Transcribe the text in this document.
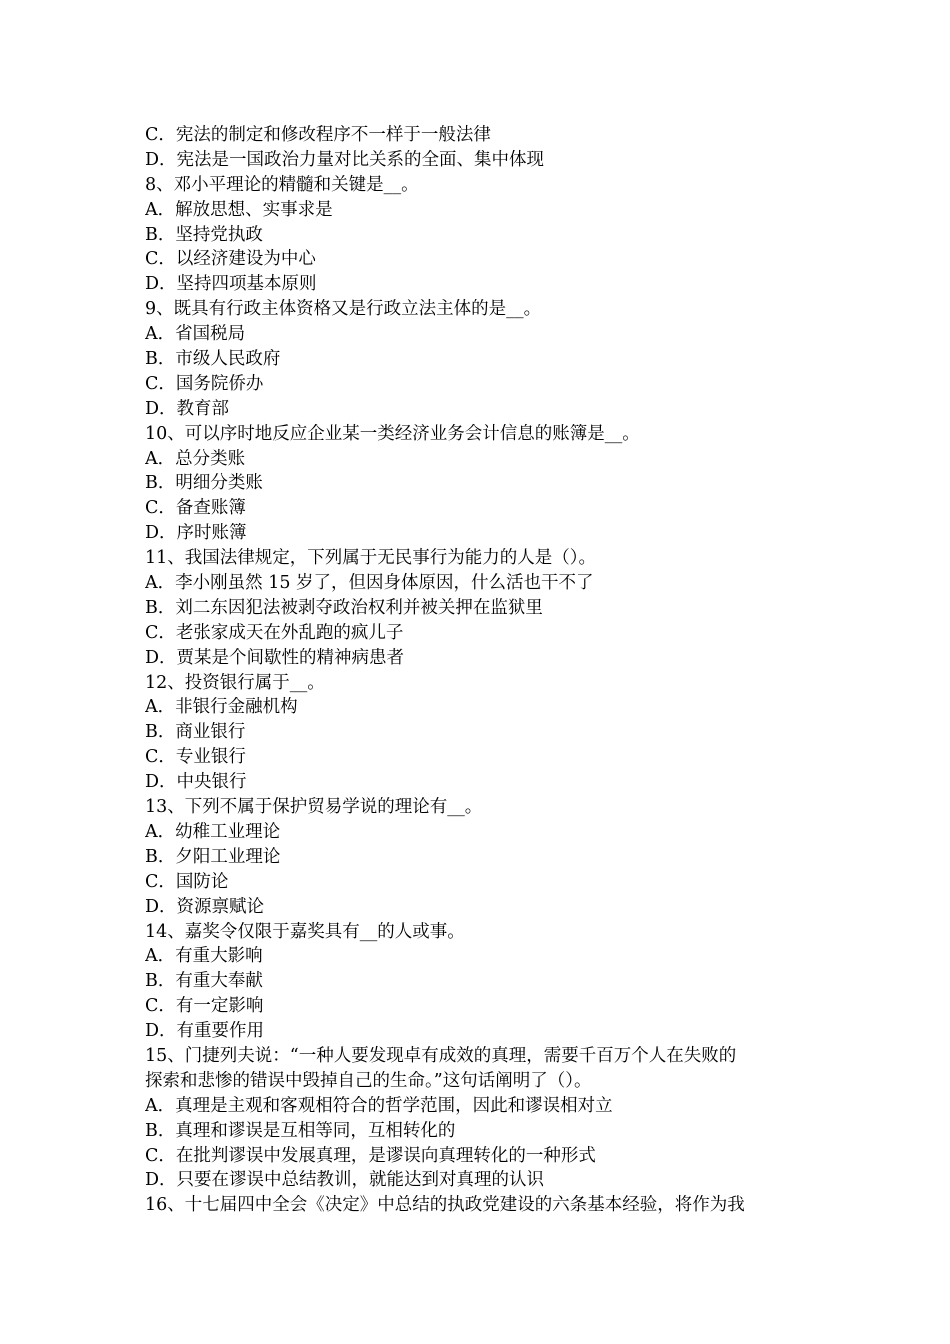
C．宪法的制定和修改程序不一样于一般法律
D．宪法是一国政治力量对比关系的全面、集中体现
8、邓小平理论的精髓和关键是__。
A．解放思想、实事求是
B．坚持党执政
C．以经济建设为中心
D．坚持四项基本原则
9、既具有行政主体资格又是行政立法主体的是__。
A．省国税局
B．市级人民政府
C．国务院侨办
D．教育部
10、可以序时地反应企业某一类经济业务会计信息的账簿是__。
A．总分类账
B．明细分类账
C．备查账簿
D．序时账簿
11、我国法律规定，下列属于无民事行为能力的人是（）。
A．李小刚虽然 15 岁了，但因身体原因，什么活也干不了
B．刘二东因犯法被剥夺政治权利并被关押在监狱里
C．老张家成天在外乱跑的疯儿子
D．贾某是个间歇性的精神病患者
12、投资银行属于__。
A．非银行金融机构
B．商业银行
C．专业银行
D．中央银行
13、下列不属于保护贸易学说的理论有__。
A．幼稚工业理论
B．夕阳工业理论
C．国防论
D．资源禀赋论
14、嘉奖令仅限于嘉奖具有__的人或事。
A．有重大影响
B．有重大奉献
C．有一定影响
D．有重要作用
15、门捷列夫说：“一种人要发现卓有成效的真理，需要千百万个人在失败的
探索和悲惨的错误中毁掉自己的生命。”这句话阐明了（）。
A．真理是主观和客观相符合的哲学范围，因此和谬误相对立
B．真理和谬误是互相等同，互相转化的
C．在批判谬误中发展真理，是谬误向真理转化的一种形式
D．只要在谬误中总结教训，就能达到对真理的认识
16、十七届四中全会《决定》中总结的执政党建设的六条基本经验，将作为我
